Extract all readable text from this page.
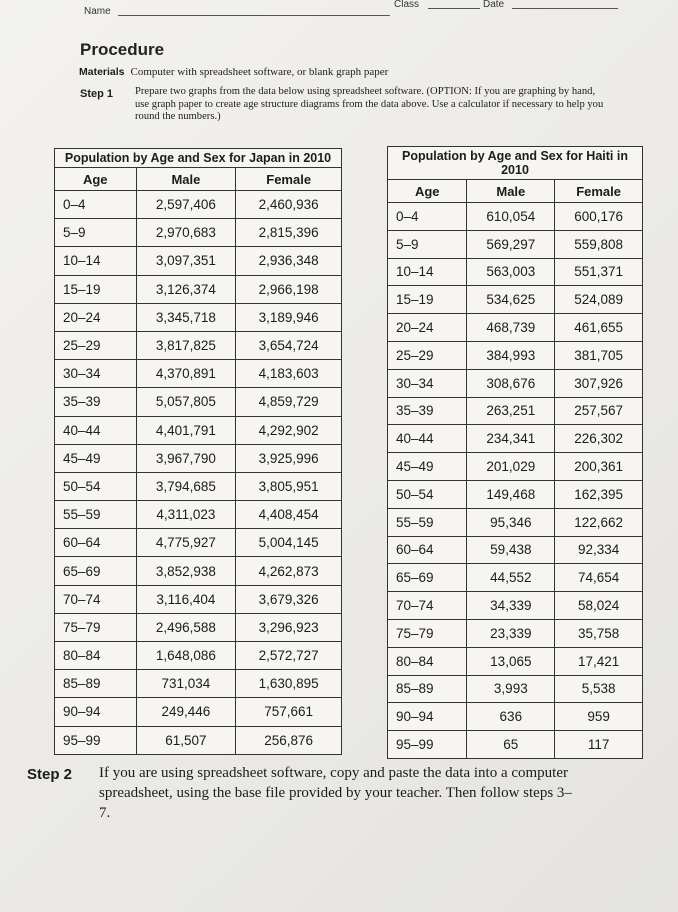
Name
Class	Date
Procedure
Materials Computer with spreadsheet software, or blank graph paper
Step 1 Prepare two graphs from the data below using spreadsheet software. (OPTION: If you are graphing by hand, use graph paper to create age structure diagrams from the data above. Use a calculator if necessary to help you round the numbers.)
Population by Age and Sex for Japan in 2010		
Age	Male	Female
0–4	2,597,406	2,460,936
5–9	2,970,683	2,815,396
10–14	3,097,351	2,936,348
15–19	3,126,374	2,966,198
20–24	3,345,718	3,189,946
25–29	3,817,825	3,654,724
30–34	4,370,891	4,183,603
35–39	5,057,805	4,859,729
40–44	4,401,791	4,292,902
45–49	3,967,790	3,925,996
50–54	3,794,685	3,805,951
55–59	4,311,023	4,408,454
60–64	4,775,927	5,004,145
65–69	3,852,938	4,262,873
70–74	3,116,404	3,679,326
75–79	2,496,588	3,296,923
80–84	1,648,086	2,572,727
85–89	731,034	1,630,895
90–94	249,446	757,661
95–99	61,507	256,876
Population by Age and Sex for Haiti in 2010		
Age	Male	Female
0–4	610,054	600,176
5–9	569,297	559,808
10–14	563,003	551,371
15–19	534,625	524,089
20–24	468,739	461,655
25–29	384,993	381,705
30–34	308,676	307,926
35–39	263,251	257,567
40–44	234,341	226,302
45–49	201,029	200,361
50–54	149,468	162,395
55–59	95,346	122,662
60–64	59,438	92,334
65–69	44,552	74,654
70–74	34,339	58,024
75–79	23,339	35,758
80–84	13,065	17,421
85–89	3,993	5,538
90–94	636	959
95–99	65	117
Step 2 If you are using spreadsheet software, copy and paste the data into a computer spreadsheet, using the base file provided by your teacher. Then follow steps 3–7.
